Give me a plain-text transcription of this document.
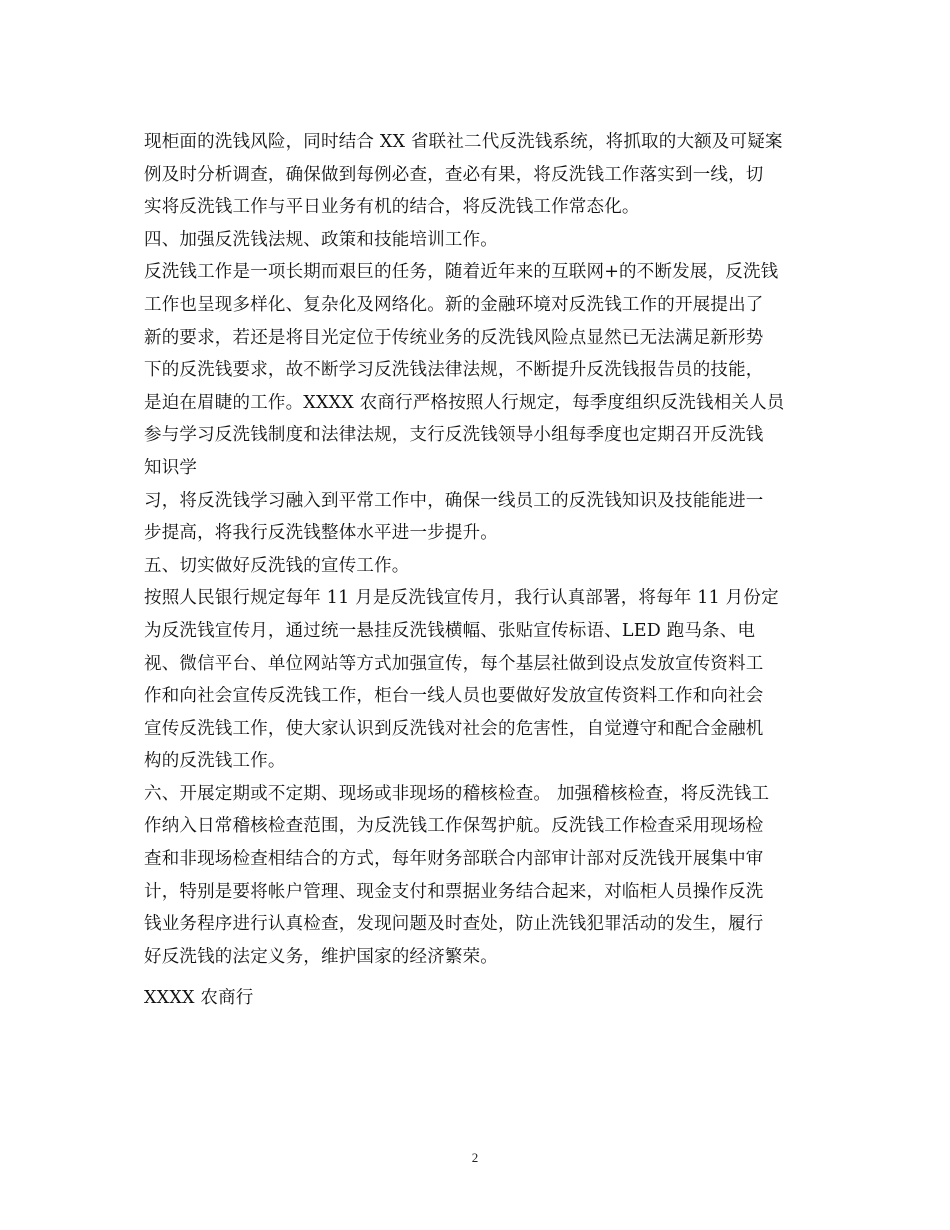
现柜面的洗钱风险，同时结合 XX 省联社二代反洗钱系统，将抓取的大额及可疑案
例及时分析调查，确保做到每例必查，查必有果，将反洗钱工作落实到一线，切
实将反洗钱工作与平日业务有机的结合，将反洗钱工作常态化。
四、加强反洗钱法规、政策和技能培训工作。
反洗钱工作是一项长期而艰巨的任务，随着近年来的互联网+的不断发展，反洗钱
工作也呈现多样化、复杂化及网络化。新的金融环境对反洗钱工作的开展提出了
新的要求，若还是将目光定位于传统业务的反洗钱风险点显然已无法满足新形势
下的反洗钱要求，故不断学习反洗钱法律法规，不断提升反洗钱报告员的技能，
是迫在眉睫的工作。XXXX 农商行严格按照人行规定，每季度组织反洗钱相关人员
参与学习反洗钱制度和法律法规，支行反洗钱领导小组每季度也定期召开反洗钱
知识学
习，将反洗钱学习融入到平常工作中，确保一线员工的反洗钱知识及技能能进一
步提高，将我行反洗钱整体水平进一步提升。
五、切实做好反洗钱的宣传工作。
按照人民银行规定每年 11 月是反洗钱宣传月，我行认真部署，将每年 11 月份定
为反洗钱宣传月，通过统一悬挂反洗钱横幅、张贴宣传标语、LED 跑马条、电
视、微信平台、单位网站等方式加强宣传，每个基层社做到设点发放宣传资料工
作和向社会宣传反洗钱工作，柜台一线人员也要做好发放宣传资料工作和向社会
宣传反洗钱工作，使大家认识到反洗钱对社会的危害性，自觉遵守和配合金融机
构的反洗钱工作。
六、开展定期或不定期、现场或非现场的稽核检查。 加强稽核检查，将反洗钱工
作纳入日常稽核检查范围，为反洗钱工作保驾护航。反洗钱工作检查采用现场检
查和非现场检查相结合的方式，每年财务部联合内部审计部对反洗钱开展集中审
计，特别是要将帐户管理、现金支付和票据业务结合起来，对临柜人员操作反洗
钱业务程序进行认真检查，发现问题及时查处，防止洗钱犯罪活动的发生，履行
好反洗钱的法定义务，维护国家的经济繁荣。
XXXX 农商行
2
